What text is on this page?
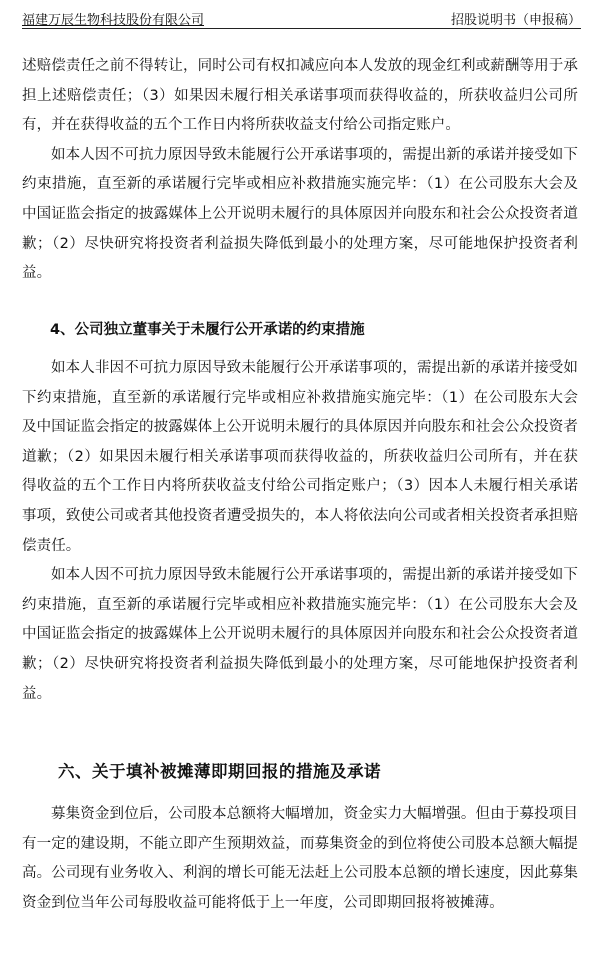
福建万辰生物科技股份有限公司	招股说明书（申报稿）

述赔偿责任之前不得转让，同时公司有权扣减应向本人发放的现金红利或薪酬等用于承担上述赔偿责任；（3）如果因未履行相关承诺事项而获得收益的，所获收益归公司所有，并在获得收益的五个工作日内将所获收益支付给公司指定账户。

如本人因不可抗力原因导致未能履行公开承诺事项的，需提出新的承诺并接受如下约束措施，直至新的承诺履行完毕或相应补救措施实施完毕：（1）在公司股东大会及中国证监会指定的披露媒体上公开说明未履行的具体原因并向股东和社会公众投资者道歉；（2）尽快研究将投资者利益损失降低到最小的处理方案，尽可能地保护投资者利益。

4、公司独立董事关于未履行公开承诺的约束措施

如本人非因不可抗力原因导致未能履行公开承诺事项的，需提出新的承诺并接受如下约束措施，直至新的承诺履行完毕或相应补救措施实施完毕：（1）在公司股东大会及中国证监会指定的披露媒体上公开说明未履行的具体原因并向股东和社会公众投资者道歉；（2）如果因未履行相关承诺事项而获得收益的，所获收益归公司所有，并在获得收益的五个工作日内将所获收益支付给公司指定账户；（3）因本人未履行相关承诺事项，致使公司或者其他投资者遭受损失的，本人将依法向公司或者相关投资者承担赔偿责任。

如本人因不可抗力原因导致未能履行公开承诺事项的，需提出新的承诺并接受如下约束措施，直至新的承诺履行完毕或相应补救措施实施完毕：（1）在公司股东大会及中国证监会指定的披露媒体上公开说明未履行的具体原因并向股东和社会公众投资者道歉；（2）尽快研究将投资者利益损失降低到最小的处理方案，尽可能地保护投资者利益。

六、关于填补被摊薄即期回报的措施及承诺

募集资金到位后，公司股本总额将大幅增加，资金实力大幅增强。但由于募投项目有一定的建设期，不能立即产生预期效益，而募集资金的到位将使公司股本总额大幅提高。公司现有业务收入、利润的增长可能无法赶上公司股本总额的增长速度，因此募集资金到位当年公司每股收益可能将低于上一年度，公司即期回报将被摊薄。
